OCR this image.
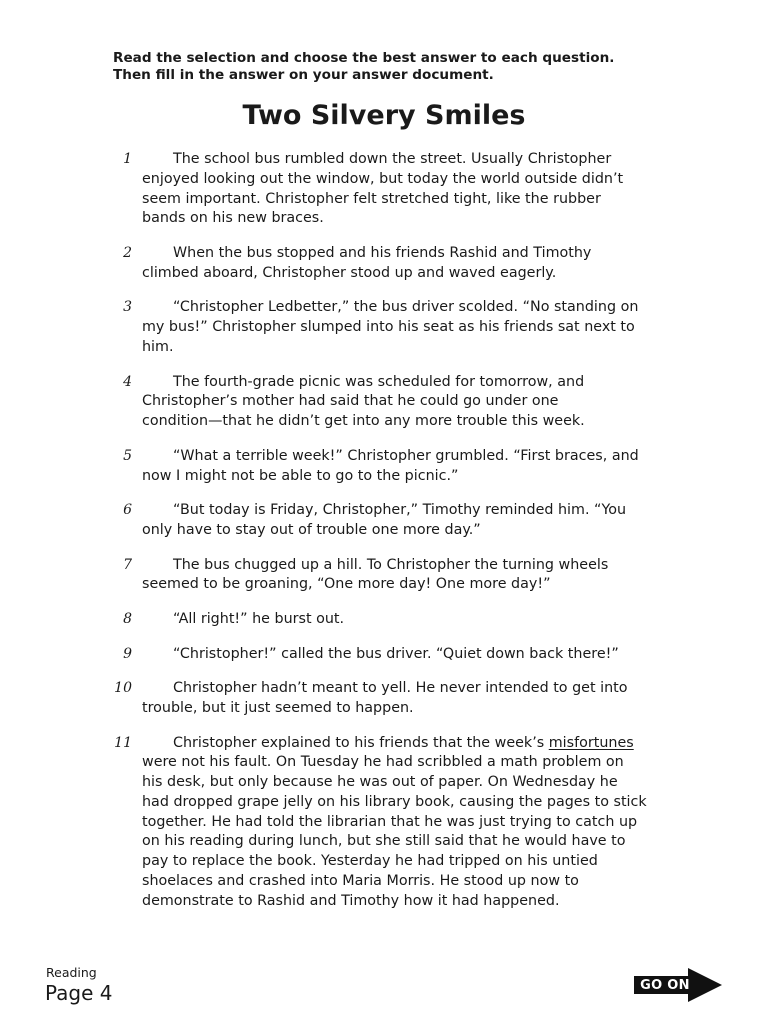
Read the selection and choose the best answer to each question.
Then fill in the answer on your answer document.
Two Silvery Smiles
1	The school bus rumbled down the street. Usually Christopher
enjoyed looking out the window, but today the world outside didn’t
seem important. Christopher felt stretched tight, like the rubber
bands on his new braces.
2	When the bus stopped and his friends Rashid and Timothy
climbed aboard, Christopher stood up and waved eagerly.
3	“Christopher Ledbetter,” the bus driver scolded. “No standing on
my bus!” Christopher slumped into his seat as his friends sat next to
him.
4	The fourth-grade picnic was scheduled for tomorrow, and
Christopher’s mother had said that he could go under one
condition—that he didn’t get into any more trouble this week.
5	“What a terrible week!” Christopher grumbled. “First braces, and
now I might not be able to go to the picnic.”
6	“But today is Friday, Christopher,” Timothy reminded him. “You
only have to stay out of trouble one more day.”
7	The bus chugged up a hill. To Christopher the turning wheels
seemed to be groaning, “One more day! One more day!”
8	“All right!” he burst out.
9	“Christopher!” called the bus driver. “Quiet down back there!”
10	Christopher hadn’t meant to yell. He never intended to get into
trouble, but it just seemed to happen.
11	Christopher explained to his friends that the week’s misfortunes
were not his fault. On Tuesday he had scribbled a math problem on
his desk, but only because he was out of paper. On Wednesday he
had dropped grape jelly on his library book, causing the pages to stick
together. He had told the librarian that he was just trying to catch up
on his reading during lunch, but she still said that he would have to
pay to replace the book. Yesterday he had tripped on his untied
shoelaces and crashed into Maria Morris. He stood up now to
demonstrate to Rashid and Timothy how it had happened.
Reading
Page 4	GO ON
